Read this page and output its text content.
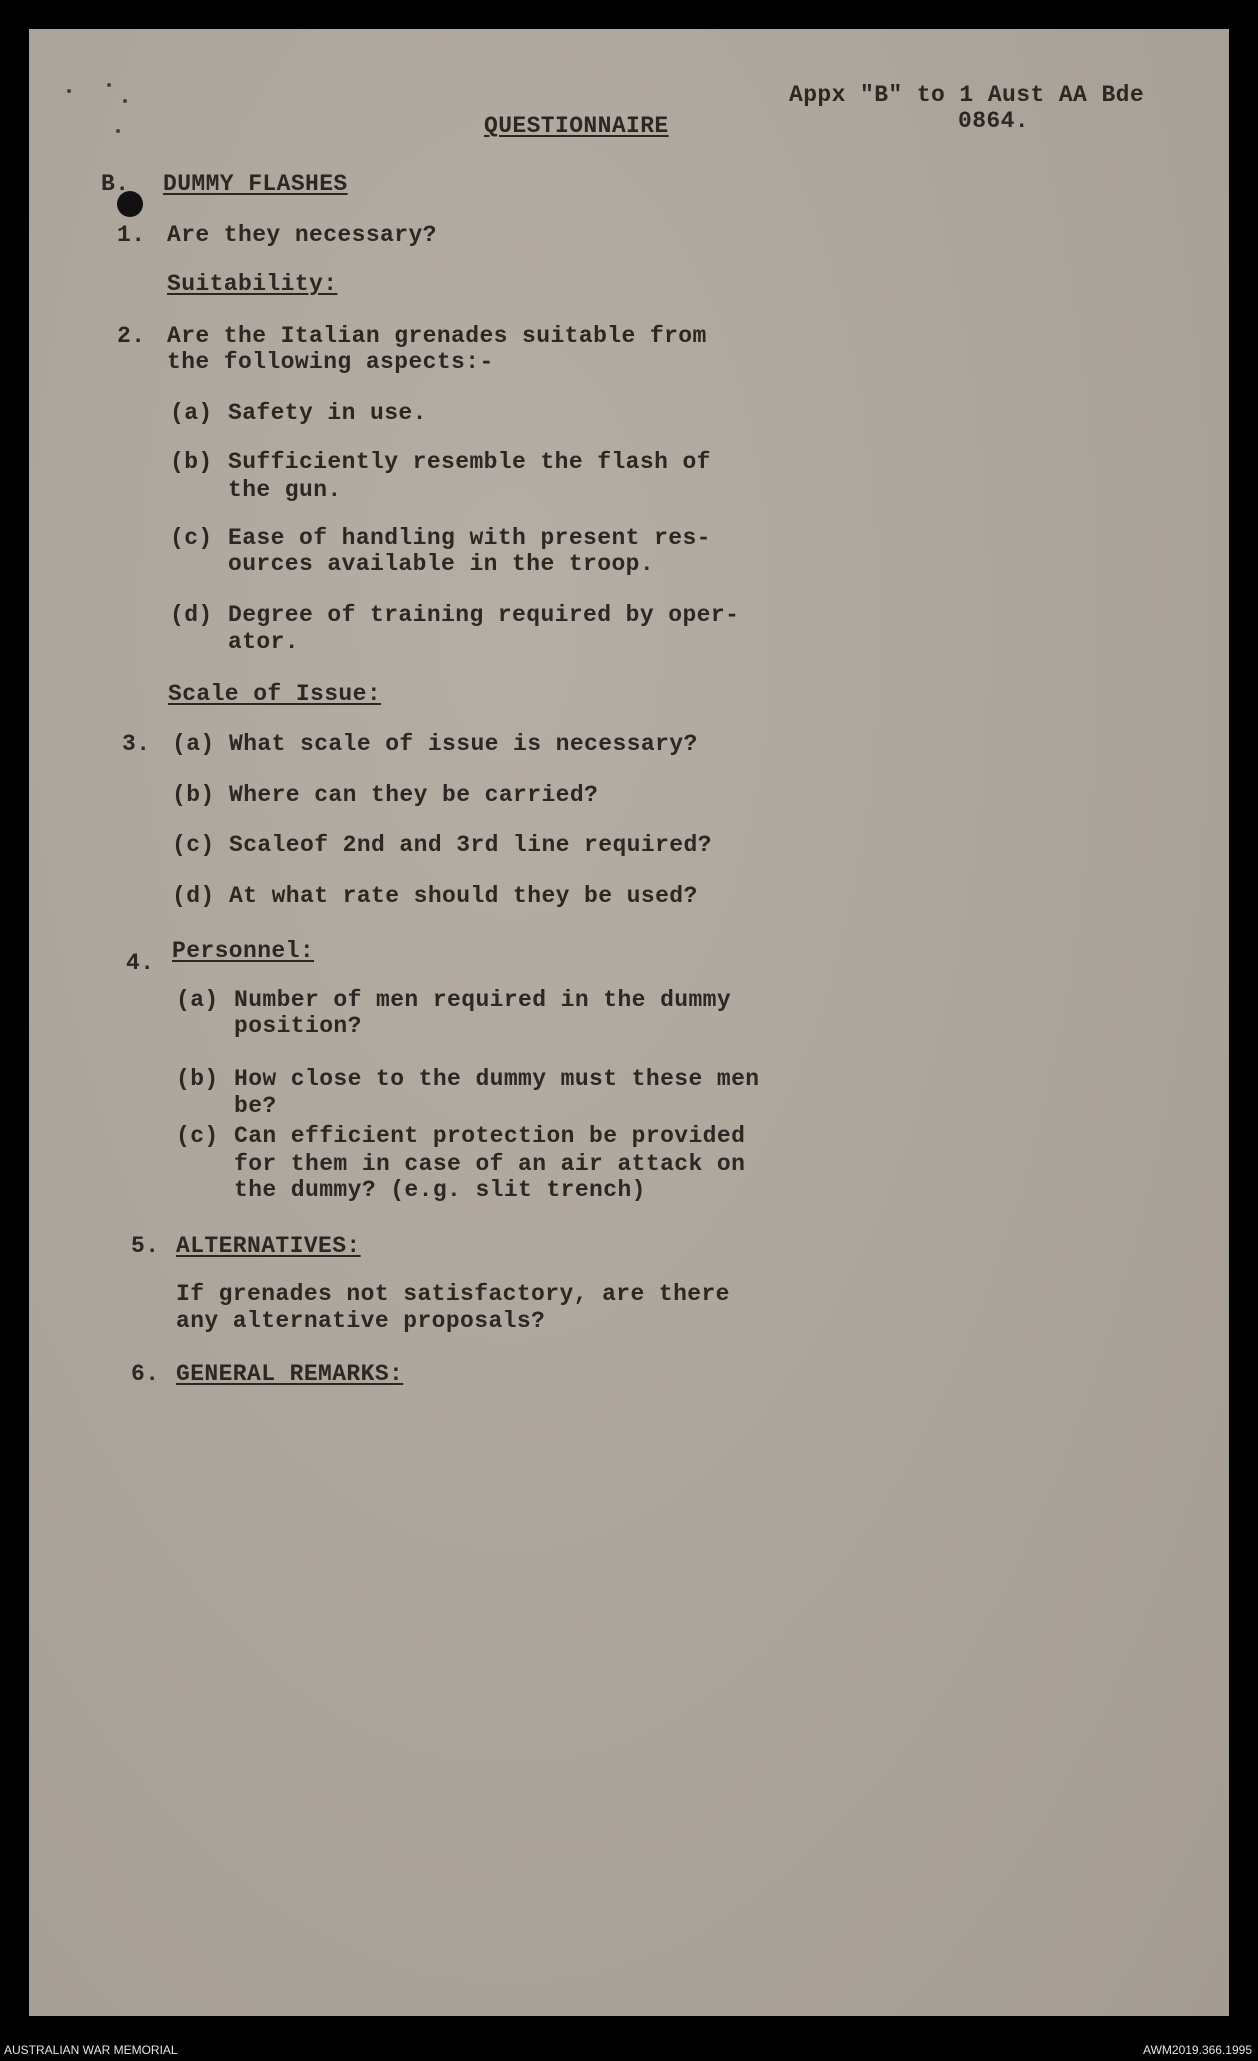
QUESTIONNAIRE
Appx "B" to 1 Aust AA Bde
0864.
B. DUMMY FLASHES
1. Are they necessary?
Suitability:
2. Are the Italian grenades suitable from
the following aspects:-
(a) Safety in use.
(b) Sufficiently resemble the flash of
the gun.
(c) Ease of handling with present res-
ources available in the troop.
(d) Degree of training required by oper-
ator.
Scale of Issue:
3. (a) What scale of issue is necessary?
(b) Where can they be carried?
(c) Scaleof 2nd and 3rd line required?
(d) At what rate should they be used?
4. Personnel:
(a) Number of men required in the dummy
position?
(b) How close to the dummy must these men
be?
(c) Can efficient protection be provided
for them in case of an air attack on
the dummy? (e.g. slit trench)
5. ALTERNATIVES:
If grenades not satisfactory, are there
any alternative proposals?
6. GENERAL REMARKS:
AUSTRALIAN WAR MEMORIAL	AWM2019.366.1995
